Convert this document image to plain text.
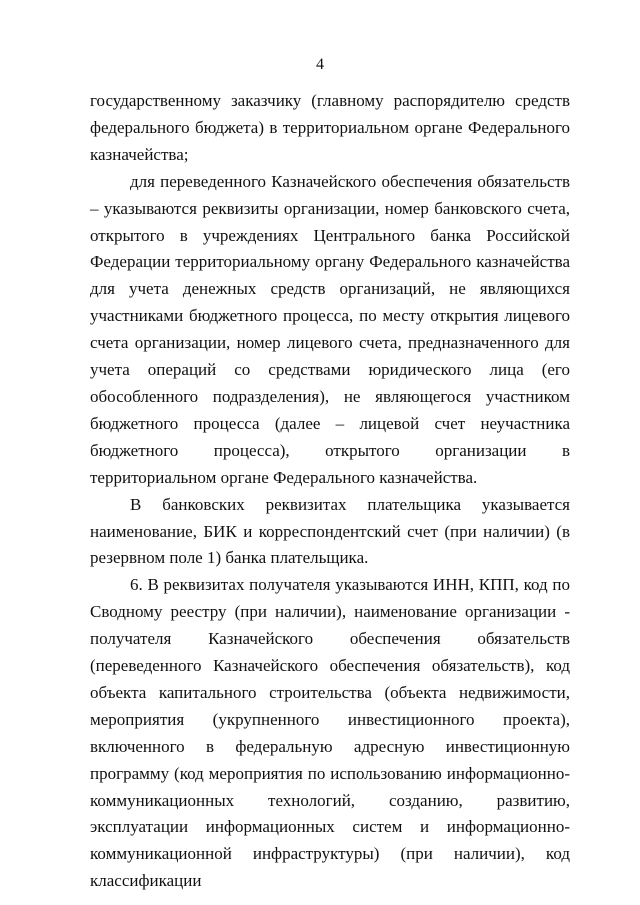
4

государственному заказчику (главному распорядителю средств федерального бюджета) в территориальном органе Федерального казначейства;

для переведенного Казначейского обеспечения обязательств – указываются реквизиты организации, номер банковского счета, открытого в учреждениях Центрального банка Российской Федерации территориальному органу Федерального казначейства для учета денежных средств организаций, не являющихся участниками бюджетного процесса, по месту открытия лицевого счета организации, номер лицевого счета, предназначенного для учета операций со средствами юридического лица (его обособленного подразделения), не являющегося участником бюджетного процесса (далее – лицевой счет неучастника бюджетного процесса), открытого организации в территориальном органе Федерального казначейства.

В банковских реквизитах плательщика указывается наименование, БИК и корреспондентский счет (при наличии) (в резервном поле 1) банка плательщика.

6. В реквизитах получателя указываются ИНН, КПП, код по Сводному реестру (при наличии), наименование организации - получателя Казначейского обеспечения обязательств (переведенного Казначейского обеспечения обязательств), код объекта капитального строительства (объекта недвижимости, мероприятия (укрупненного инвестиционного проекта), включенного в федеральную адресную инвестиционную программу (код мероприятия по использованию информационно-коммуникационных технологий, созданию, развитию, эксплуатации информационных систем и информационно-коммуникационной инфраструктуры) (при наличии), код классификации
